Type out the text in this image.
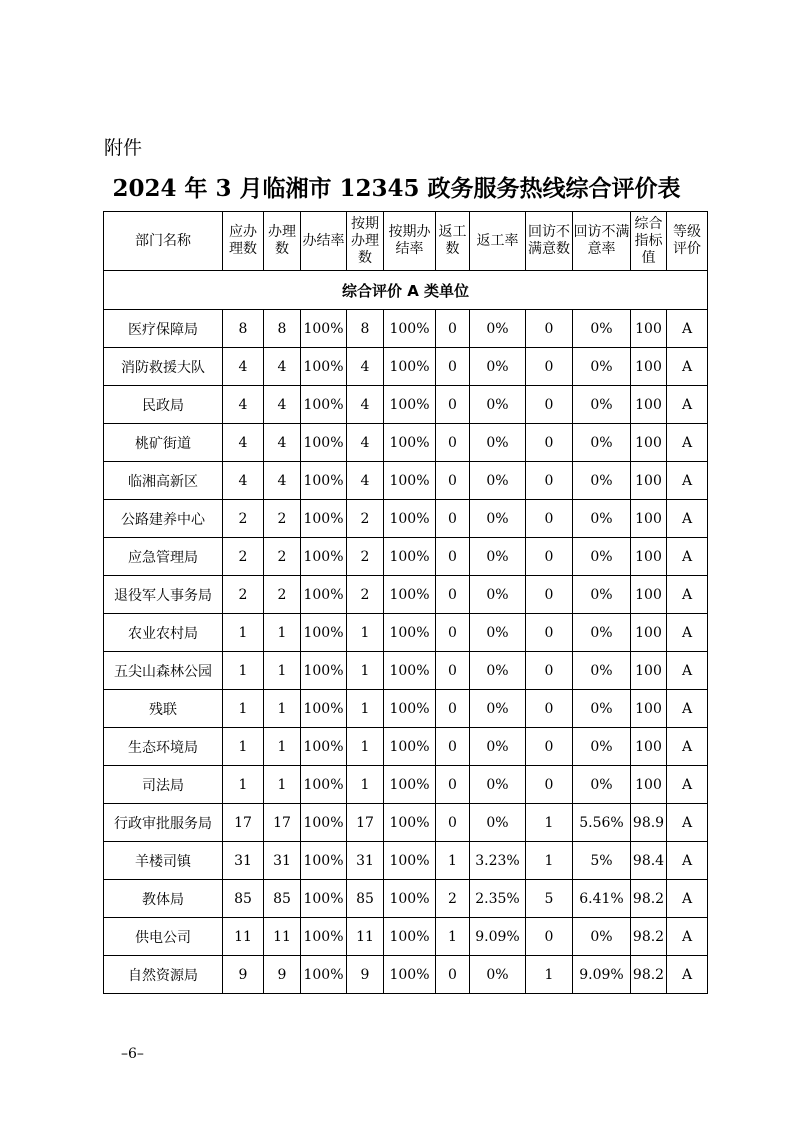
附件
2024 年 3 月临湘市 12345 政务服务热线综合评价表
部门名称	应办理数	办理数	办结率	按期办理数	按期办结率	返工数	返工率	回访不满意数	回访不满意率	综合指标值	等级评价
综合评价 A 类单位											
医疗保障局	8	8	100%	8	100%	0	0%	0	0%	100	A
消防救援大队	4	4	100%	4	100%	0	0%	0	0%	100	A
民政局	4	4	100%	4	100%	0	0%	0	0%	100	A
桃矿街道	4	4	100%	4	100%	0	0%	0	0%	100	A
临湘高新区	4	4	100%	4	100%	0	0%	0	0%	100	A
公路建养中心	2	2	100%	2	100%	0	0%	0	0%	100	A
应急管理局	2	2	100%	2	100%	0	0%	0	0%	100	A
退役军人事务局	2	2	100%	2	100%	0	0%	0	0%	100	A
农业农村局	1	1	100%	1	100%	0	0%	0	0%	100	A
五尖山森林公园	1	1	100%	1	100%	0	0%	0	0%	100	A
残联	1	1	100%	1	100%	0	0%	0	0%	100	A
生态环境局	1	1	100%	1	100%	0	0%	0	0%	100	A
司法局	1	1	100%	1	100%	0	0%	0	0%	100	A
行政审批服务局	17	17	100%	17	100%	0	0%	1	5.56%	98.9	A
羊楼司镇	31	31	100%	31	100%	1	3.23%	1	5%	98.4	A
教体局	85	85	100%	85	100%	2	2.35%	5	6.41%	98.2	A
供电公司	11	11	100%	11	100%	1	9.09%	0	0%	98.2	A
自然资源局	9	9	100%	9	100%	0	0%	1	9.09%	98.2	A
–6–
